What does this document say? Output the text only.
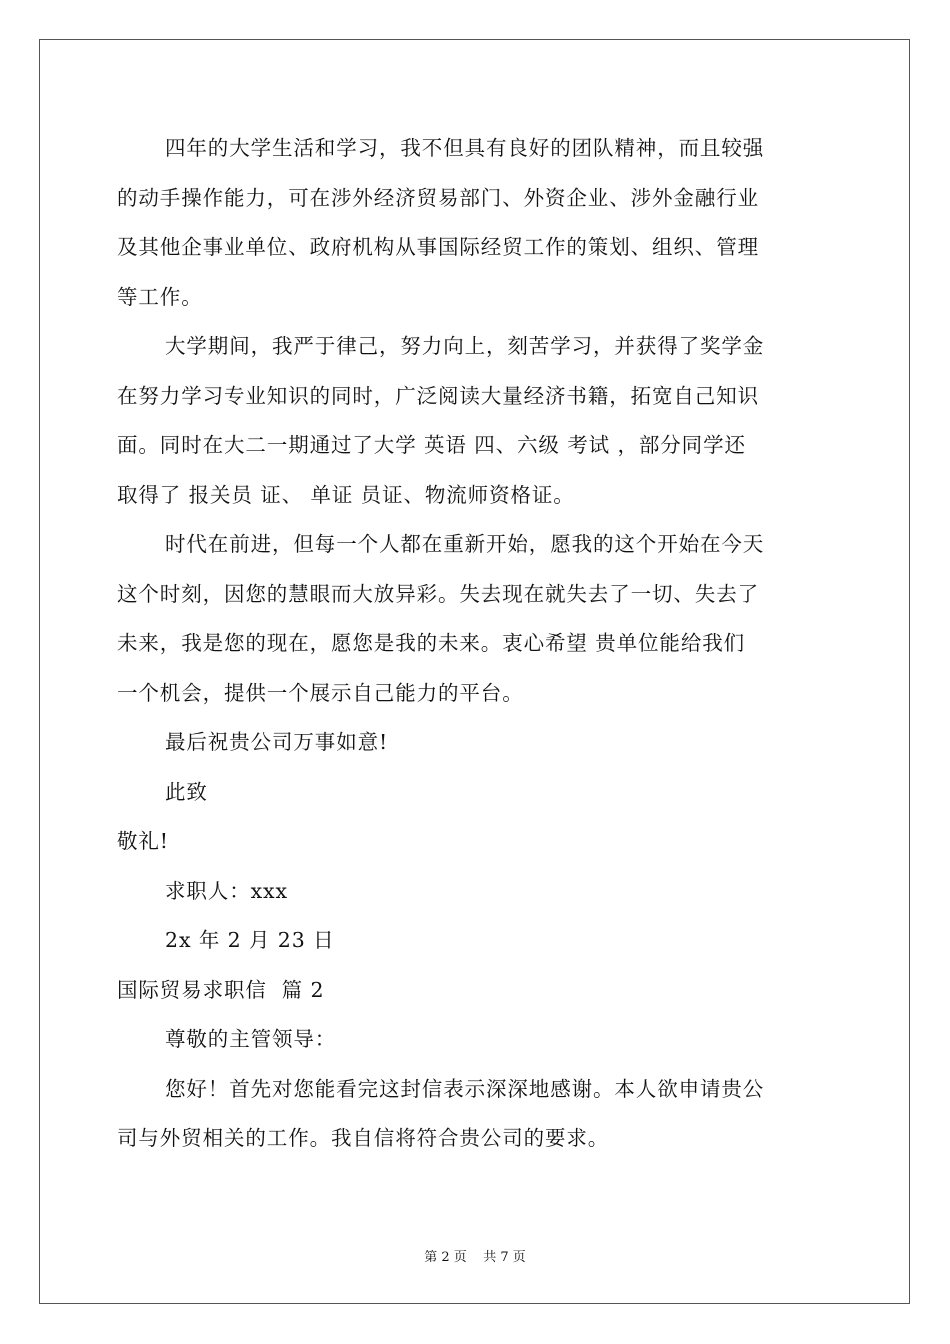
四年的大学生活和学习，我不但具有良好的团队精神，而且较强
的动手操作能力，可在涉外经济贸易部门、外资企业、涉外金融行业
及其他企事业单位、政府机构从事国际经贸工作的策划、组织、管理
等工作。
大学期间，我严于律己，努力向上，刻苦学习，并获得了奖学金
在努力学习专业知识的同时，广泛阅读大量经济书籍，拓宽自己知识
面。同时在大二一期通过了大学 英语 四、六级 考试 ，部分同学还
取得了 报关员 证、 单证 员证、物流师资格证。
时代在前进，但每一个人都在重新开始，愿我的这个开始在今天
这个时刻，因您的慧眼而大放异彩。失去现在就失去了一切、失去了
未来，我是您的现在，愿您是我的未来。衷心希望 贵单位能给我们
一个机会，提供一个展示自己能力的平台。
最后祝贵公司万事如意!
此致
敬礼!
求职人：xxx
2x 年 2 月 23 日
国际贸易求职信  篇 2
尊敬的主管领导：
您好！首先对您能看完这封信表示深深地感谢。本人欲申请贵公
司与外贸相关的工作。我自信将符合贵公司的要求。
第 2 页    共 7 页
